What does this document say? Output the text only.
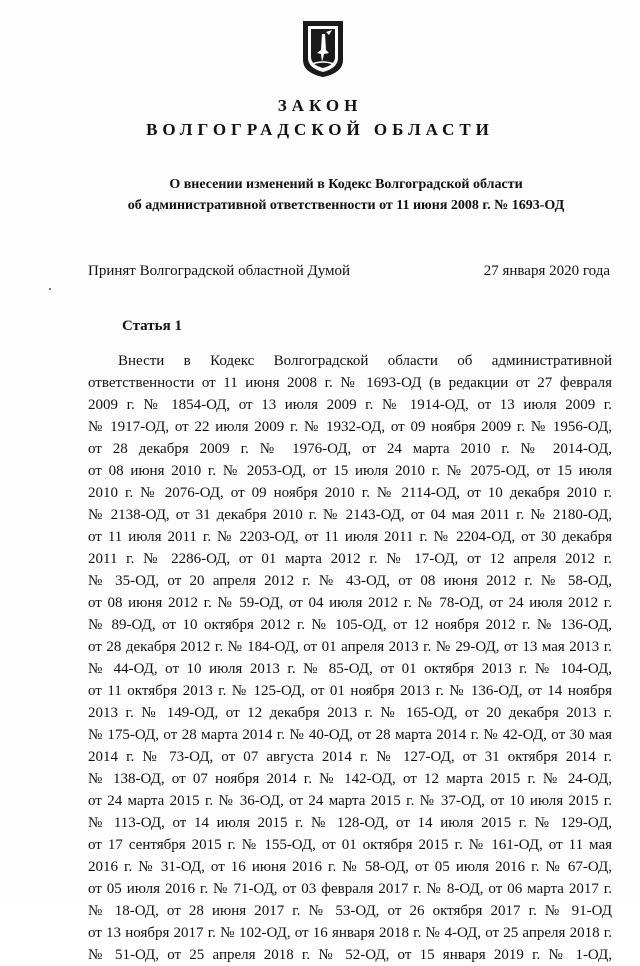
ЗАКОН
ВОЛГОГРАДСКОЙ ОБЛАСТИ
О внесении изменений в Кодекс Волгоградской области
об административной ответственности от 11 июня 2008 г. № 1693-ОД
Принят Волгоградской областной Думой	27 января 2020 года
Статья 1
Внести в Кодекс Волгоградской области об административной
ответственности от 11 июня 2008 г. № 1693-ОД (в редакции от 27 февраля
2009 г. № 1854-ОД, от 13 июля 2009 г. № 1914-ОД, от 13 июля 2009 г.
№ 1917-ОД, от 22 июля 2009 г. № 1932-ОД, от 09 ноября 2009 г. № 1956-ОД,
от 28 декабря 2009 г. № 1976-ОД, от 24 марта 2010 г. № 2014-ОД,
от 08 июня 2010 г. № 2053-ОД, от 15 июля 2010 г. № 2075-ОД, от 15 июля
2010 г. № 2076-ОД, от 09 ноября 2010 г. № 2114-ОД, от 10 декабря 2010 г.
№ 2138-ОД, от 31 декабря 2010 г. № 2143-ОД, от 04 мая 2011 г. № 2180-ОД,
от 11 июля 2011 г. № 2203-ОД, от 11 июля 2011 г. № 2204-ОД, от 30 декабря
2011 г. № 2286-ОД, от 01 марта 2012 г. № 17-ОД, от 12 апреля 2012 г.
№ 35-ОД, от 20 апреля 2012 г. № 43-ОД, от 08 июня 2012 г. № 58-ОД,
от 08 июня 2012 г. № 59-ОД, от 04 июля 2012 г. № 78-ОД, от 24 июля 2012 г.
№ 89-ОД, от 10 октября 2012 г. № 105-ОД, от 12 ноября 2012 г. № 136-ОД,
от 28 декабря 2012 г. № 184-ОД, от 01 апреля 2013 г. № 29-ОД, от 13 мая 2013 г.
№ 44-ОД, от 10 июля 2013 г. № 85-ОД, от 01 октября 2013 г. № 104-ОД,
от 11 октября 2013 г. № 125-ОД, от 01 ноября 2013 г. № 136-ОД, от 14 ноября
2013 г. № 149-ОД, от 12 декабря 2013 г. № 165-ОД, от 20 декабря 2013 г.
№ 175-ОД, от 28 марта 2014 г. № 40-ОД, от 28 марта 2014 г. № 42-ОД, от 30 мая
2014 г. № 73-ОД, от 07 августа 2014 г. № 127-ОД, от 31 октября 2014 г.
№ 138-ОД, от 07 ноября 2014 г. № 142-ОД, от 12 марта 2015 г. № 24-ОД,
от 24 марта 2015 г. № 36-ОД, от 24 марта 2015 г. № 37-ОД, от 10 июля 2015 г.
№ 113-ОД, от 14 июля 2015 г. № 128-ОД, от 14 июля 2015 г. № 129-ОД,
от 17 сентября 2015 г. № 155-ОД, от 01 октября 2015 г. № 161-ОД, от 11 мая
2016 г. № 31-ОД, от 16 июня 2016 г. № 58-ОД, от 05 июля 2016 г. № 67-ОД,
от 05 июля 2016 г. № 71-ОД, от 03 февраля 2017 г. № 8-ОД, от 06 марта 2017 г.
№ 18-ОД, от 28 июня 2017 г. № 53-ОД, от 26 октября 2017 г. № 91-ОД
от 13 ноября 2017 г. № 102-ОД, от 16 января 2018 г. № 4-ОД, от 25 апреля 2018 г.
№ 51-ОД, от 25 апреля 2018 г. № 52-ОД, от 15 января 2019 г. № 1-ОД,
